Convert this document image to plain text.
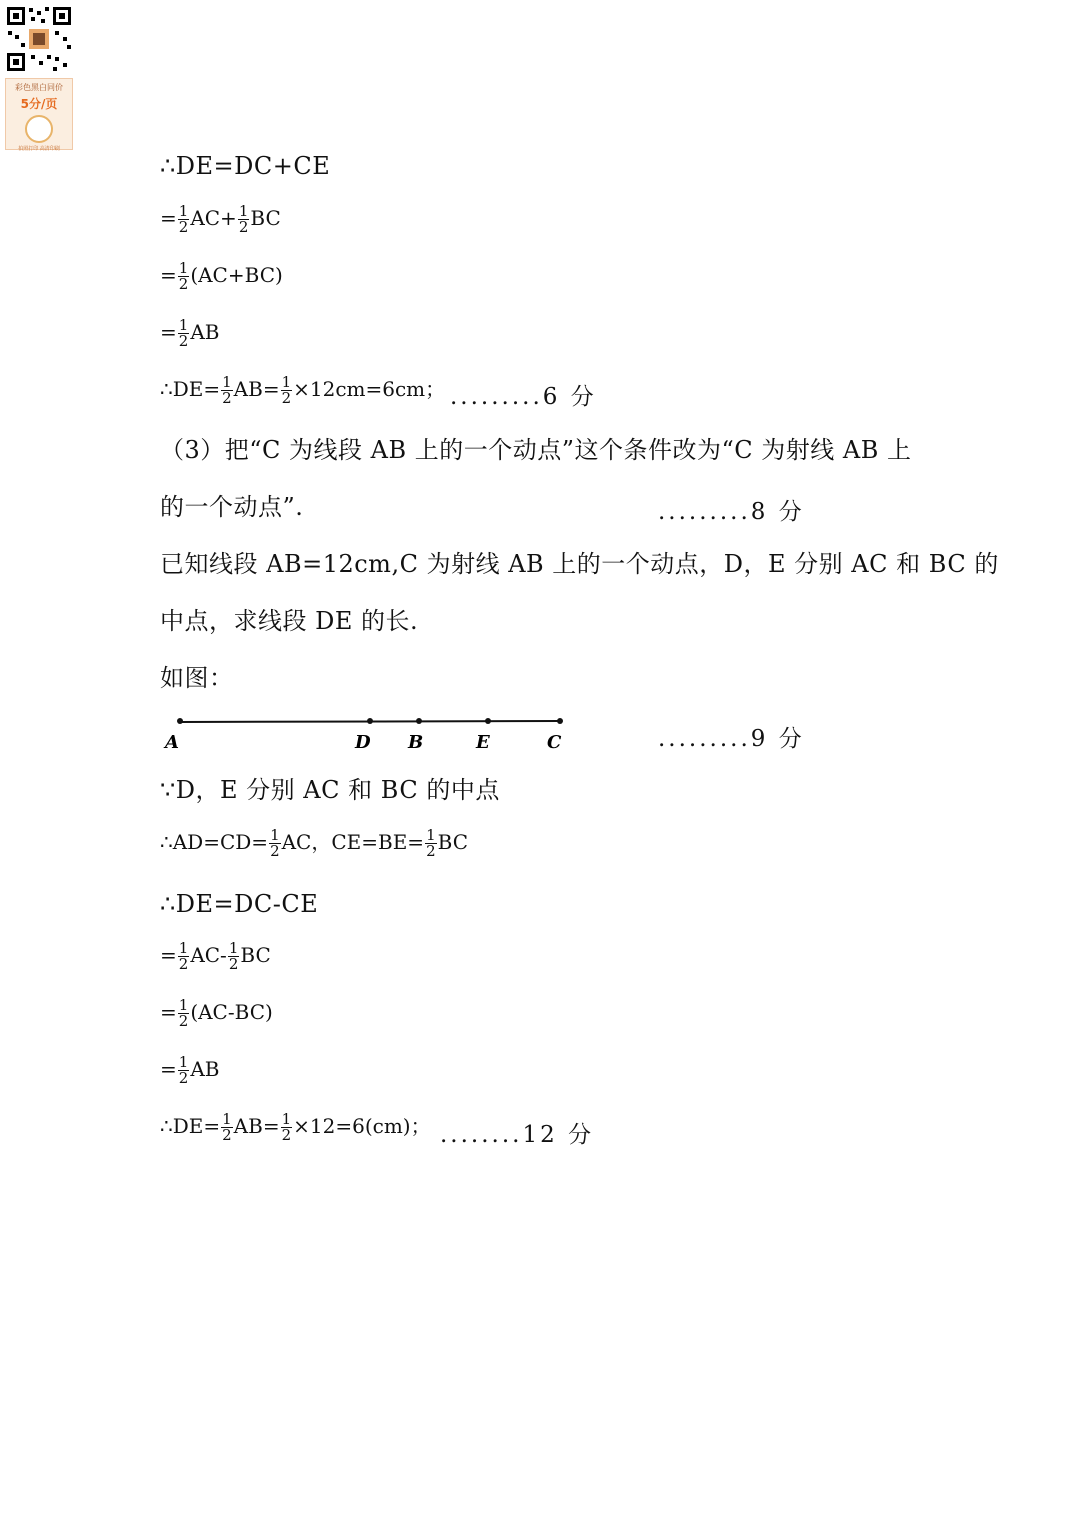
彩色黑白同价
5分/页
拍照打印 高清印刷
∴DE=DC+CE
= $\frac{1}{2} AC+ \frac{1}{2}$ BC
= $\frac{1}{2} (AC+BC)$
= $\frac{1}{2}$ AB
∴DE= $\frac{1}{2} AB= \frac{1}{2} \times 12cm=6cm$； .........6 分
（3）把“C 为线段 AB 上的一个动点”这个条件改为“C 为射线 AB 上
的一个动点”.	.........8 分
已知线段 AB=12cm,C 为射线 AB 上的一个动点，D，E 分别 AC 和 BC 的
中点，求线段 DE 的长.
如图：
A	D B	E	C	.........9 分
∵D，E 分别 AC 和 BC 的中点
∴AD=CD= $\frac{1}{2}$ AC，$CE=BE= \frac{1}{2}$ BC
∴DE=DC-CE
= $\frac{1}{2} AC- \frac{1}{2}$ BC
= $\frac{1}{2} (AC-BC)$
= $\frac{1}{2}$ AB
∴DE= $\frac{1}{2} AB= \frac{1}{2} \times 12=6(cm)$； ........12 分
